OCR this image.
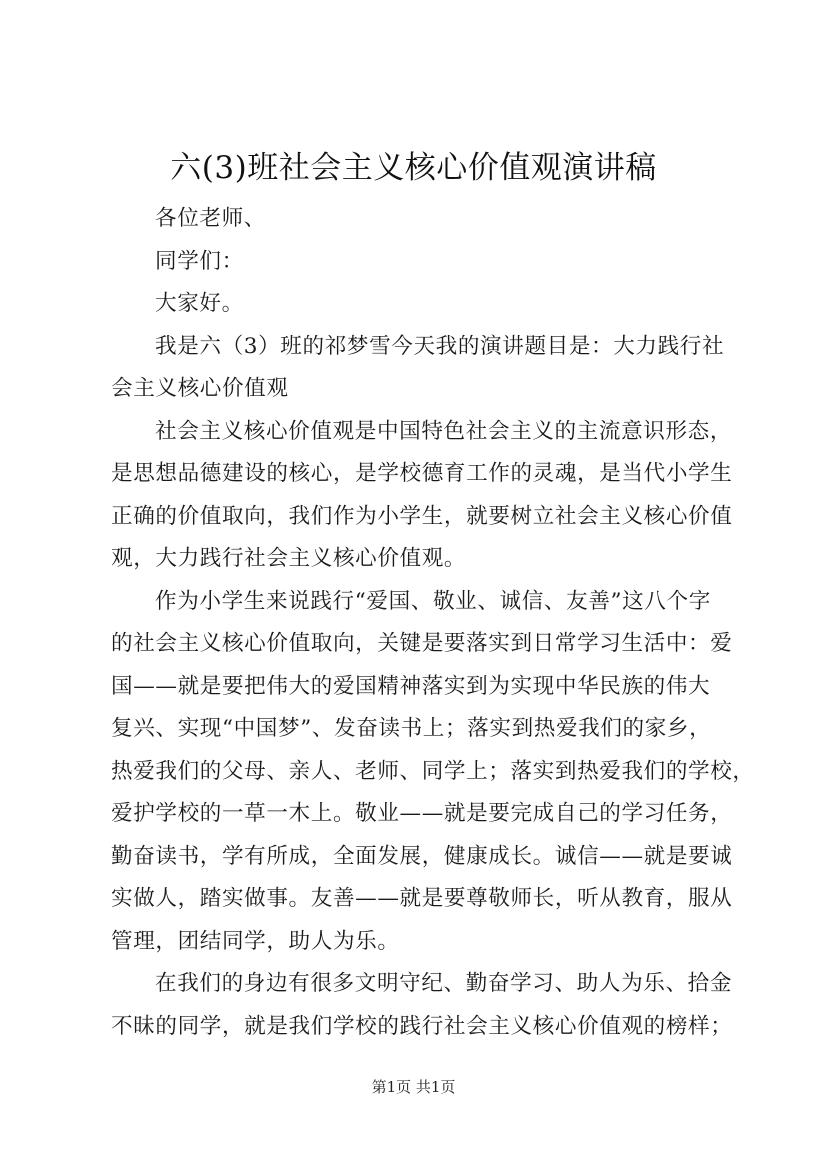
六(3)班社会主义核心价值观演讲稿
各位老师、
同学们：
大家好。
我是六（3）班的祁梦雪今天我的演讲题目是：大力践行社
会主义核心价值观
社会主义核心价值观是中国特色社会主义的主流意识形态，
是思想品德建设的核心，是学校德育工作的灵魂，是当代小学生
正确的价值取向，我们作为小学生，就要树立社会主义核心价值
观，大力践行社会主义核心价值观。
作为小学生来说践行“爱国、敬业、诚信、友善”这八个字
的社会主义核心价值取向，关键是要落实到日常学习生活中：爱
国——就是要把伟大的爱国精神落实到为实现中华民族的伟大
复兴、实现“中国梦”、发奋读书上；落实到热爱我们的家乡，
热爱我们的父母、亲人、老师、同学上；落实到热爱我们的学校，
爱护学校的一草一木上。敬业——就是要完成自己的学习任务，
勤奋读书，学有所成，全面发展，健康成长。诚信——就是要诚
实做人，踏实做事。友善——就是要尊敬师长，听从教育，服从
管理，团结同学，助人为乐。
在我们的身边有很多文明守纪、勤奋学习、助人为乐、拾金
不昧的同学，就是我们学校的践行社会主义核心价值观的榜样；
第1页 共1页
